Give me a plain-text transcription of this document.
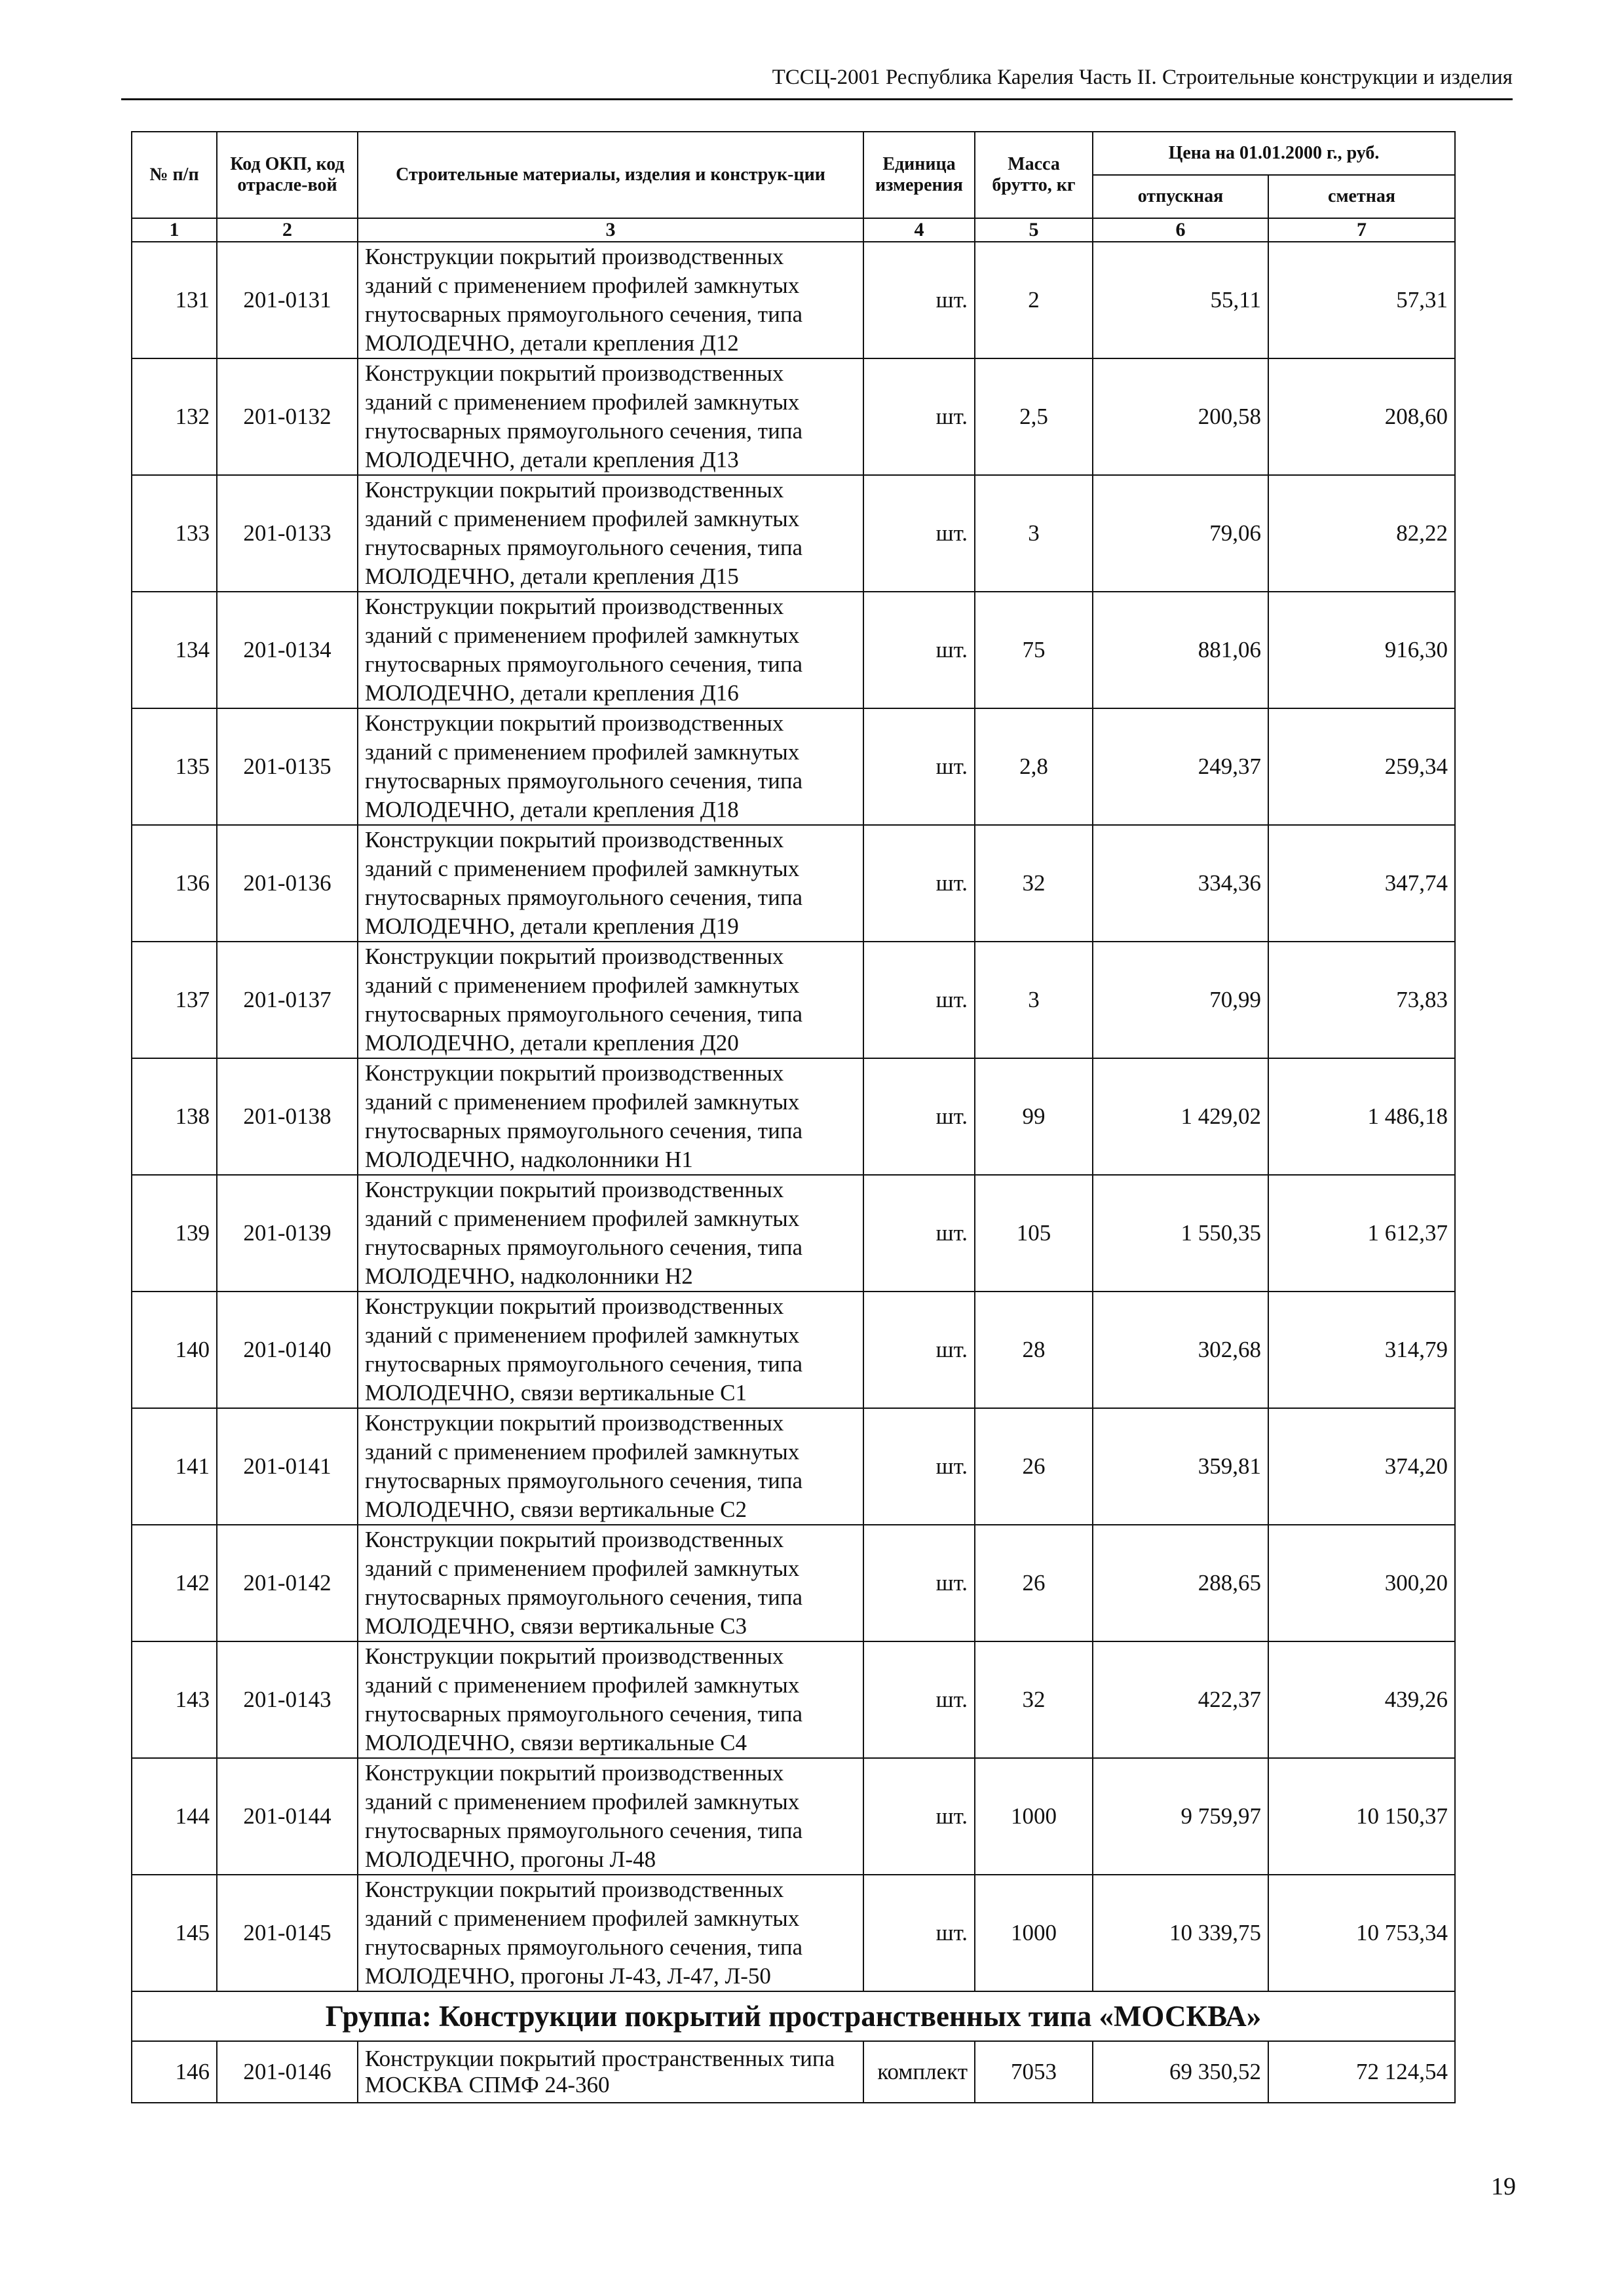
ТССЦ-2001 Республика Карелия Часть II. Строительные конструкции и изделия
№ п/п	Код ОКП, код отрасле-вой	Строительные материалы, изделия и конструк-ции	Единица измерения	Масса брутто, кг	Цена на 01.01.2000 г., руб.	
					отпускная	сметная
1	2	3	4	5	6	7
131	201-0131	Конструкции покрытий производственных зданий с применением профилей замкнутых гнутосварных прямоугольного сечения, типа МОЛОДЕЧНО, детали крепления Д12	шт.	2	55,11	57,31
132	201-0132	Конструкции покрытий производственных зданий с применением профилей замкнутых гнутосварных прямоугольного сечения, типа МОЛОДЕЧНО, детали крепления Д13	шт.	2,5	200,58	208,60
133	201-0133	Конструкции покрытий производственных зданий с применением профилей замкнутых гнутосварных прямоугольного сечения, типа МОЛОДЕЧНО, детали крепления Д15	шт.	3	79,06	82,22
134	201-0134	Конструкции покрытий производственных зданий с применением профилей замкнутых гнутосварных прямоугольного сечения, типа МОЛОДЕЧНО, детали крепления Д16	шт.	75	881,06	916,30
135	201-0135	Конструкции покрытий производственных зданий с применением профилей замкнутых гнутосварных прямоугольного сечения, типа МОЛОДЕЧНО, детали крепления Д18	шт.	2,8	249,37	259,34
136	201-0136	Конструкции покрытий производственных зданий с применением профилей замкнутых гнутосварных прямоугольного сечения, типа МОЛОДЕЧНО, детали крепления Д19	шт.	32	334,36	347,74
137	201-0137	Конструкции покрытий производственных зданий с применением профилей замкнутых гнутосварных прямоугольного сечения, типа МОЛОДЕЧНО, детали крепления Д20	шт.	3	70,99	73,83
138	201-0138	Конструкции покрытий производственных зданий с применением профилей замкнутых гнутосварных прямоугольного сечения, типа МОЛОДЕЧНО, надколонники Н1	шт.	99	1 429,02	1 486,18
139	201-0139	Конструкции покрытий производственных зданий с применением профилей замкнутых гнутосварных прямоугольного сечения, типа МОЛОДЕЧНО, надколонники Н2	шт.	105	1 550,35	1 612,37
140	201-0140	Конструкции покрытий производственных зданий с применением профилей замкнутых гнутосварных прямоугольного сечения, типа МОЛОДЕЧНО, связи вертикальные С1	шт.	28	302,68	314,79
141	201-0141	Конструкции покрытий производственных зданий с применением профилей замкнутых гнутосварных прямоугольного сечения, типа МОЛОДЕЧНО, связи вертикальные С2	шт.	26	359,81	374,20
142	201-0142	Конструкции покрытий производственных зданий с применением профилей замкнутых гнутосварных прямоугольного сечения, типа МОЛОДЕЧНО, связи вертикальные С3	шт.	26	288,65	300,20
143	201-0143	Конструкции покрытий производственных зданий с применением профилей замкнутых гнутосварных прямоугольного сечения, типа МОЛОДЕЧНО, связи вертикальные С4	шт.	32	422,37	439,26
144	201-0144	Конструкции покрытий производственных зданий с применением профилей замкнутых гнутосварных прямоугольного сечения, типа МОЛОДЕЧНО, прогоны Л-48	шт.	1000	9 759,97	10 150,37
145	201-0145	Конструкции покрытий производственных зданий с применением профилей замкнутых гнутосварных прямоугольного сечения, типа МОЛОДЕЧНО, прогоны Л-43, Л-47, Л-50	шт.	1000	10 339,75	10 753,34
Группа: Конструкции покрытий пространственных типа «МОСКВА»						
146	201-0146	Конструкции покрытий пространственных типа МОСКВА СПМФ 24-360	комплект	7053	69 350,52	72 124,54
19
